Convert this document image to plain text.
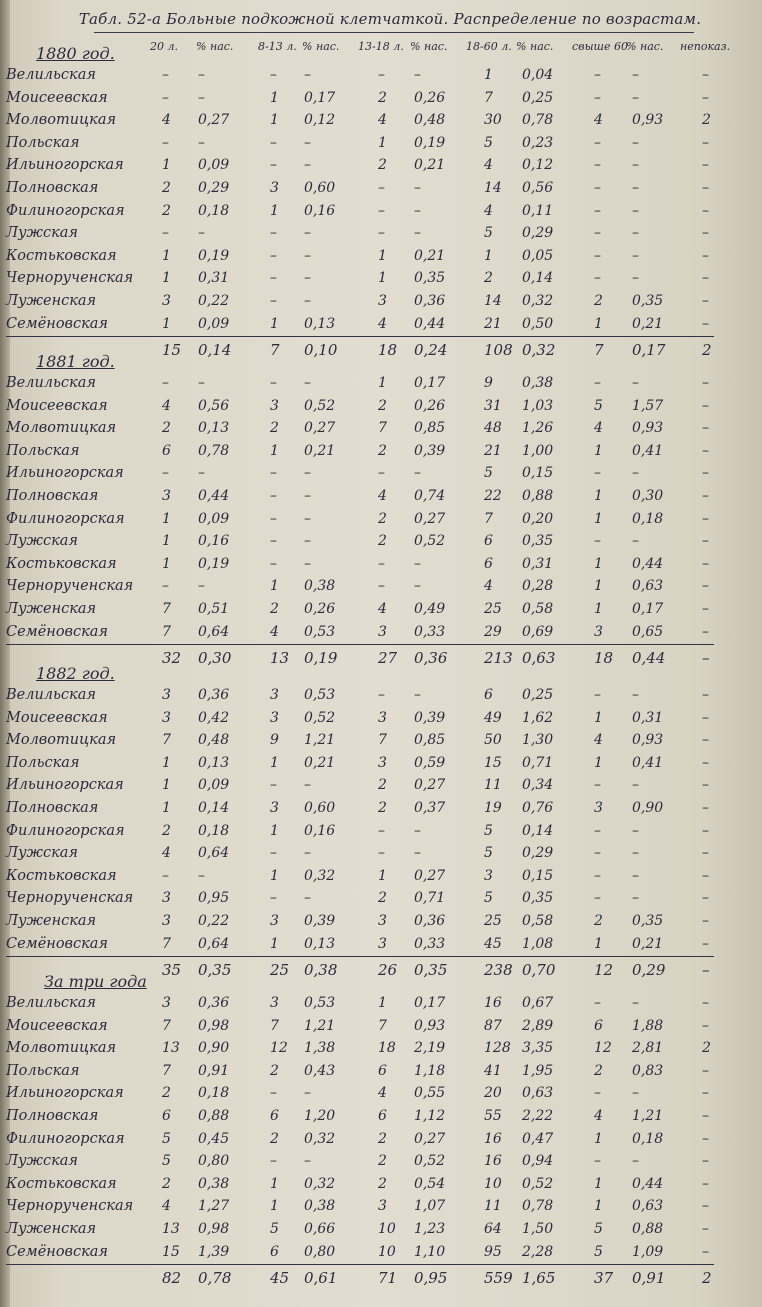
Табл. 52-а Больные подкожной клетчаткой. Распределение по возрастам.
20 л. % нас. 8-13 л. % нас. 13-18 л. % нас. 18-60 л. % нас. свыше 60
% нас. непоказ.
1880 год.
Велильская	– –	– –	– –	1 0,04	– –	–
Моисеевская	– –	1 0,17	2 0,26	7 0,25	– –	–
Молвотицкая	4 0,27	1 0,12	4 0,48	30 0,78	4 0,93	2
Польская	– –	– –	1 0,19	5 0,23	– –	–
Ильиногорская	1 0,09	– –	2 0,21	4 0,12	– –	–
Полновская	2 0,29	3 0,60	– –	14 0,56	– –	–
Филиногорская	2 0,18	1 0,16	– –	4 0,11	– –	–
Лужская	– –	– –	– –	5 0,29	– –	–
Костьковская	1 0,19	– –	1 0,21	1 0,05	– –	–
Чернорученская 1 0,31	– –	1 0,35	2 0,14	– –	–
Луженская	3 0,22	– –	3 0,36	14 0,32	2 0,35	–
Семёновская	1 0,09	1 0,13	4 0,44	21 0,50	1 0,21	–
15 0,14	7 0,10	18 0,24 108 0,32	7 0,17 2
1881 год.
Велильская	– –	– –	1 0,17	9 0,38	– –	–
Моисеевская	4 0,56	3 0,52	2 0,26	31 1,03	5 1,57	–
Молвотицкая	2 0,13	2 0,27	7 0,85	48 1,26	4 0,93	–
Польская	6 0,78	1 0,21	2 0,39	21 1,00	1 0,41	–
Ильиногорская	– –	– –	– –	5 0,15	– –	–
Полновская	3 0,44	– –	4 0,74	22 0,88	1 0,30	–
Филиногорская	1 0,09	– –	2 0,27	7 0,20	1 0,18	–
Лужская	1 0,16	– –	2 0,52	6 0,35	– –	–
Костьковская	1 0,19	– –	– –	6 0,31	1 0,44	–
Чернорученская – –	1 0,38	– –	4 0,28	1 0,63	–
Луженская	7 0,51	2 0,26	4 0,49	25 0,58	1 0,17	–
Семёновская	7 0,64	4 0,53	3 0,33	29 0,69	3 0,65	–
32 0,30	13 0,19	27 0,36 213 0,63	18 0,44 –
1882 год.
Велильская	3 0,36	3 0,53	– –	6 0,25	– –	–
Моисеевская	3 0,42	3 0,52	3 0,39	49 1,62	1 0,31	–
Молвотицкая	7 0,48	9 1,21	7 0,85	50 1,30	4 0,93	–
Польская	1 0,13	1 0,21	3 0,59	15 0,71	1 0,41	–
Ильиногорская	1 0,09	– –	2 0,27	11 0,34	– –	–
Полновская	1 0,14	3 0,60	2 0,37	19 0,76	3 0,90	–
Филиногорская	2 0,18	1 0,16	– –	5 0,14	– –	–
Лужская	4 0,64	– –	– –	5 0,29	– –	–
Костьковская	– –	1 0,32	1 0,27	3 0,15	– –	–
Чернорученская 3 0,95	– –	2 0,71	5 0,35	– –	–
Луженская	3 0,22	3 0,39	3 0,36	25 0,58	2 0,35	–
Семёновская	7 0,64	1 0,13	3 0,33	45 1,08	1 0,21	–
35 0,35	25 0,38	26 0,35 238 0,70	12 0,29 –
За три года
Велильская	3 0,36	3 0,53	1 0,17	16 0,67	– –	–
Моисеевская	7 0,98	7 1,21	7 0,93	87 2,89	6 1,88	–
Молвотицкая	13 0,90	12 1,38	18 2,19	128 3,35	12 2,81	2
Польская	7 0,91	2 0,43	6 1,18	41 1,95	2 0,83	–
Ильиногорская	2 0,18	– –	4 0,55	20 0,63	– –	–
Полновская	6 0,88	6 1,20	6 1,12	55 2,22	4 1,21	–
Филиногорская	5 0,45	2 0,32	2 0,27	16 0,47	1 0,18	–
Лужская	5 0,80	– –	2 0,52	16 0,94	– –	–
Костьковская	2 0,38	1 0,32	2 0,54	10 0,52	1 0,44	–
Чернорученская 4 1,27	1 0,38	3 1,07	11 0,78	1 0,63	–
Луженская	13 0,98	5 0,66	10 1,23	64 1,50	5 0,88	–
Семёновская	15 1,39	6 0,80	10 1,10	95 2,28	5 1,09	–
82 0,78	45 0,61	71 0,95 559 1,65	37 0,91 2
